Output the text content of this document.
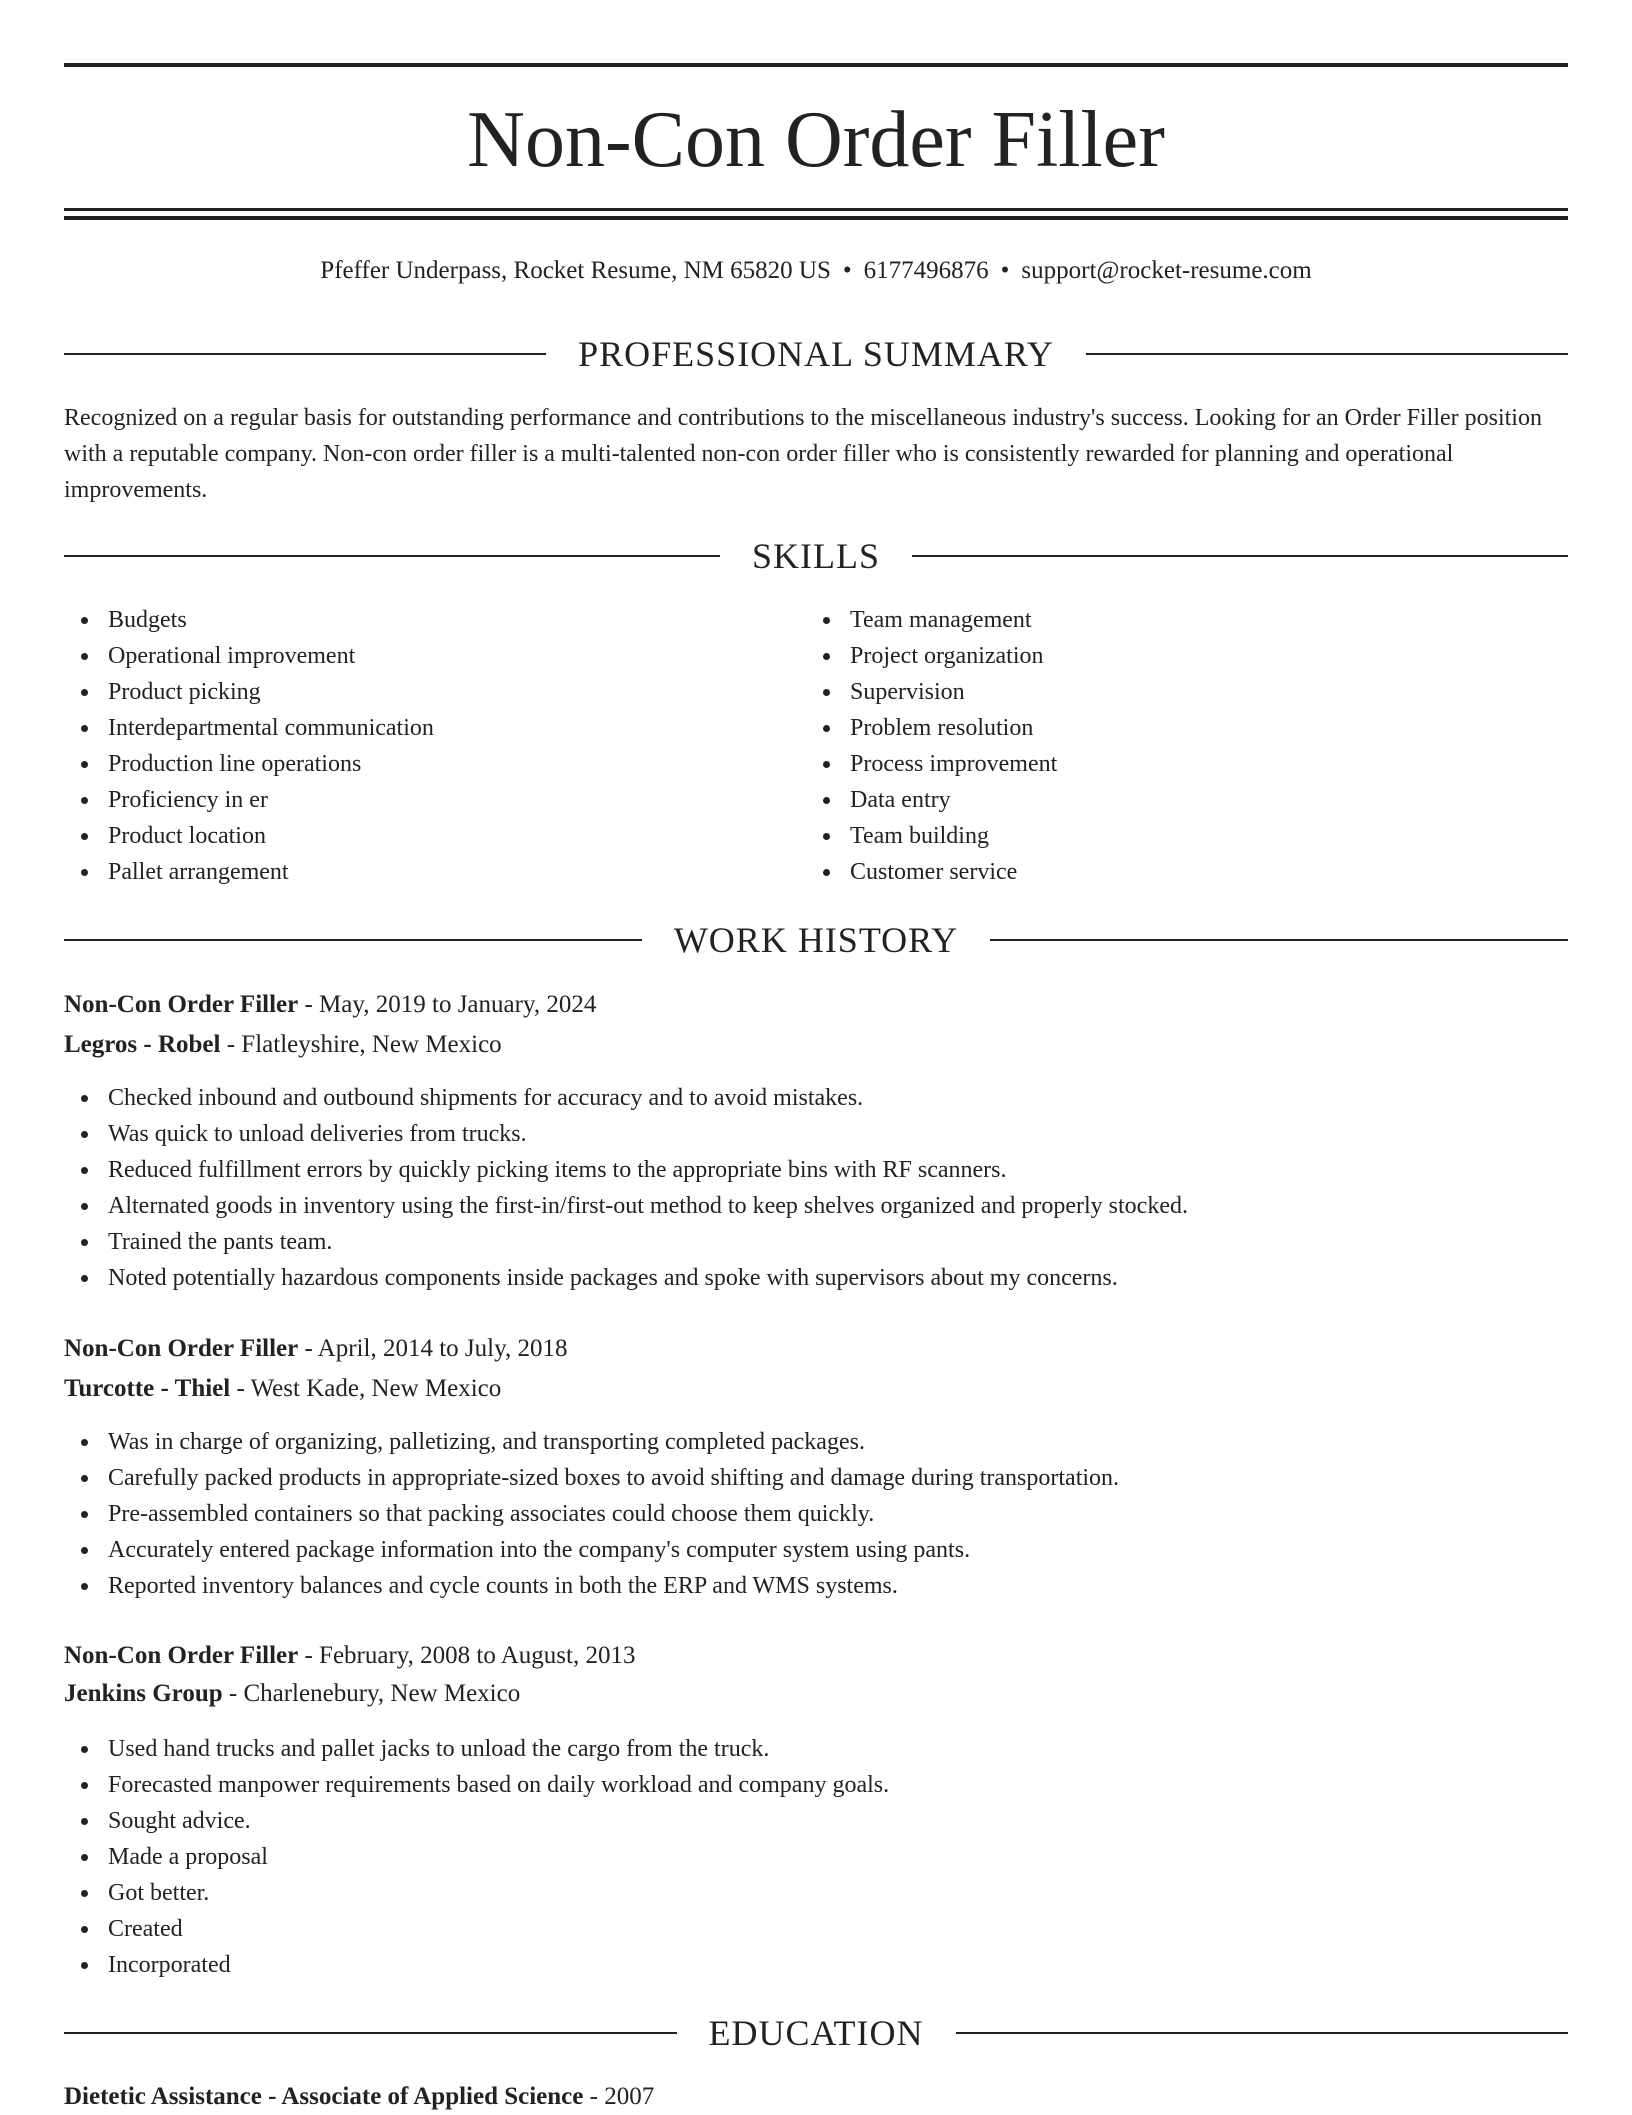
Non-Con Order Filler
Pfeffer Underpass, Rocket Resume, NM 65820 US • 6177496876 • support@rocket-resume.com
PROFESSIONAL SUMMARY

Recognized on a regular basis for outstanding performance and contributions to the miscellaneous industry's success. Looking for an Order Filler position with a reputable company. Non-con order filler is a multi-talented non-con order filler who is consistently rewarded for planning and operational improvements.

SKILLS
Budgets
Operational improvement
Product picking
Interdepartmental communication
Production line operations
Proficiency in er
Product location
Pallet arrangement
Team management
Project organization
Supervision
Problem resolution
Process improvement
Data entry
Team building
Customer service
WORK HISTORY
Non-Con Order Filler - May, 2019 to January, 2024
Legros - Robel - Flatleyshire, New Mexico
Checked inbound and outbound shipments for accuracy and to avoid mistakes.
Was quick to unload deliveries from trucks.
Reduced fulfillment errors by quickly picking items to the appropriate bins with RF scanners.
Alternated goods in inventory using the first-in/first-out method to keep shelves organized and properly stocked.
Trained the pants team.
Noted potentially hazardous components inside packages and spoke with supervisors about my concerns.
Non-Con Order Filler - April, 2014 to July, 2018
Turcotte - Thiel - West Kade, New Mexico
Was in charge of organizing, palletizing, and transporting completed packages.
Carefully packed products in appropriate-sized boxes to avoid shifting and damage during transportation.
Pre-assembled containers so that packing associates could choose them quickly.
Accurately entered package information into the company's computer system using pants.
Reported inventory balances and cycle counts in both the ERP and WMS systems.
Non-Con Order Filler - February, 2008 to August, 2013
Jenkins Group - Charlenebury, New Mexico
Used hand trucks and pallet jacks to unload the cargo from the truck.
Forecasted manpower requirements based on daily workload and company goals.
Sought advice.
Made a proposal
Got better.
Created
Incorporated
EDUCATION
Dietetic Assistance - Associate of Applied Science - 2007
